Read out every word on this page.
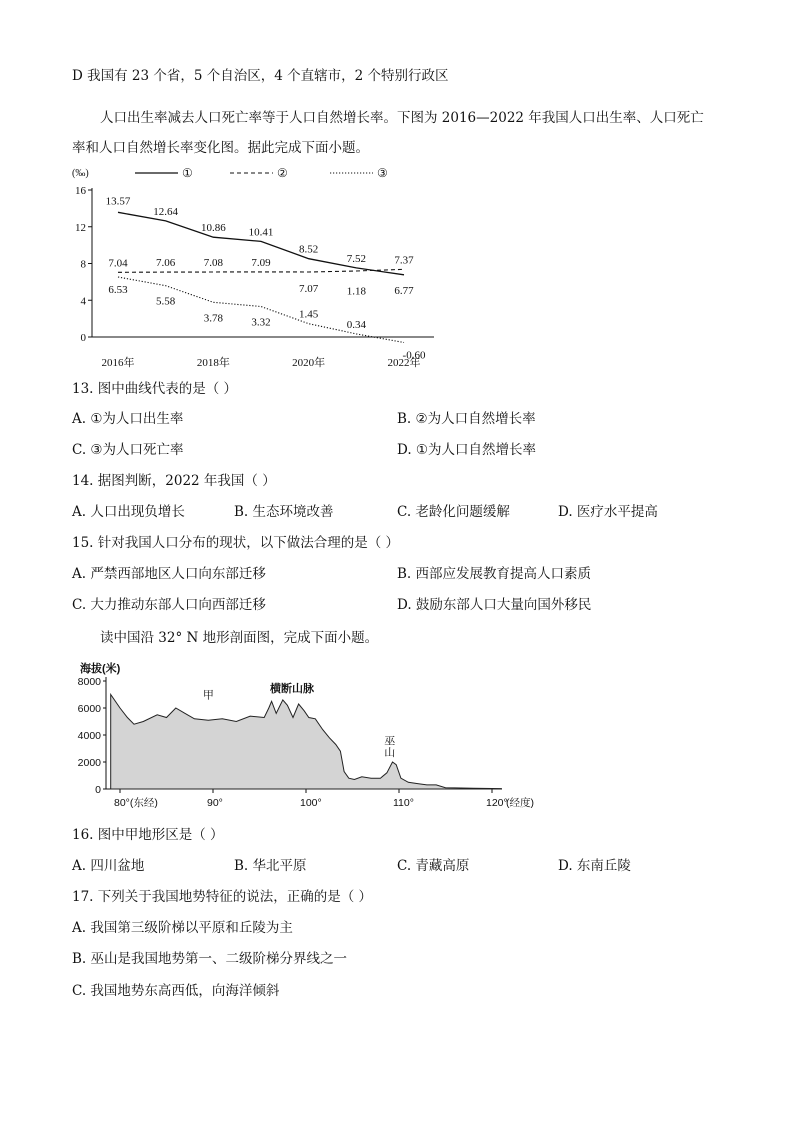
D 我国有 23 个省，5 个自治区，4 个直辖市，2 个特别行政区
人口出生率减去人口死亡率等于人口自然增长率。下图为 2016—2022 年我国人口出生率、人口死亡
率和人口自然增长率变化图。据此完成下面小题。
(‰)	①	②	③
0
4
8
12
16
2016年	2018年	2020年	2022年
13.57
12.64
10.86 10.41
8.52
7.52
6.77
7.04	7.06	7.08	7.09
7.07
7.37
6.53
5.58
3.78	3.32
1.45
0.34
-0.60
1.18
13. 图中曲线代表的是（ ）
A. ①为人口出生率	B. ②为人口自然增长率
C. ③为人口死亡率	D. ①为人口自然增长率
14. 据图判断，2022 年我国（ ）
A. 人口出现负增长	B. 生态环境改善	C. 老龄化问题缓解	D. 医疗水平提高
15. 针对我国人口分布的现状，以下做法合理的是（ ）
A. 严禁西部地区人口向东部迁移	B. 西部应发展教育提高人口素质
C. 大力推动东部人口向西部迁移	D. 鼓励东部人口大量向国外移民
读中国沿 32° N 地形剖面图，完成下面小题。
海拔(米)
8000
6000
4000
2000
0
80°(东经)	90°	100°	110°	120°
(经度)
甲
横断山脉
巫
山
16. 图中甲地形区是（ ）
A. 四川盆地	B. 华北平原	C. 青藏高原	D. 东南丘陵
17. 下列关于我国地势特征的说法，正确的是（ ）
A. 我国第三级阶梯以平原和丘陵为主
B. 巫山是我国地势第一、二级阶梯分界线之一
C. 我国地势东高西低，向海洋倾斜
